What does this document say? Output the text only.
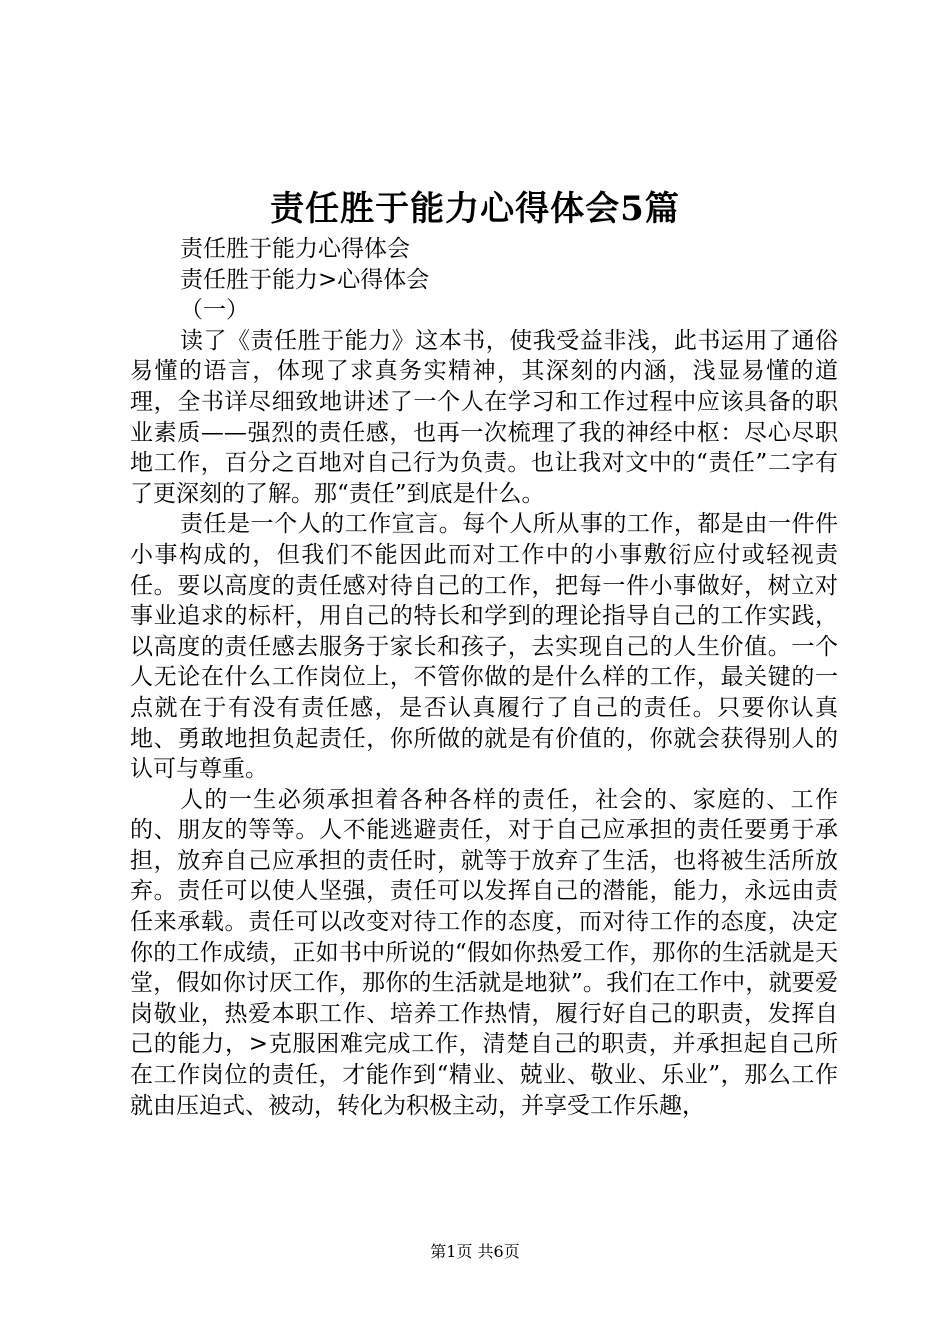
责任胜于能力心得体会5篇
责任胜于能力心得体会
责任胜于能力>心得体会
（一）

读了《责任胜于能力》这本书，使我受益非浅，此书运用了通俗易懂的语言，体现了求真务实精神，其深刻的内涵，浅显易懂的道理，全书详尽细致地讲述了一个人在学习和工作过程中应该具备的职业素质——强烈的责任感，也再一次梳理了我的神经中枢：尽心尽职地工作，百分之百地对自己行为负责。也让我对文中的“责任”二字有了更深刻的了解。那“责任”到底是什么。

责任是一个人的工作宣言。每个人所从事的工作，都是由一件件小事构成的，但我们不能因此而对工作中的小事敷衍应付或轻视责任。要以高度的责任感对待自己的工作，把每一件小事做好，树立对事业追求的标杆，用自己的特长和学到的理论指导自己的工作实践，以高度的责任感去服务于家长和孩子，去实现自己的人生价值。一个人无论在什么工作岗位上，不管你做的是什么样的工作，最关键的一点就在于有没有责任感，是否认真履行了自己的责任。只要你认真地、勇敢地担负起责任，你所做的就是有价值的，你就会获得别人的认可与尊重。

人的一生必须承担着各种各样的责任，社会的、家庭的、工作的、朋友的等等。人不能逃避责任，对于自己应承担的责任要勇于承担，放弃自己应承担的责任时，就等于放弃了生活，也将被生活所放弃。责任可以使人坚强，责任可以发挥自己的潜能，能力，永远由责任来承载。责任可以改变对待工作的态度，而对待工作的态度，决定你的工作成绩，正如书中所说的“假如你热爱工作，那你的生活就是天堂，假如你讨厌工作，那你的生活就是地狱”。我们在工作中，就要爱岗敬业，热爱本职工作、培养工作热情，履行好自己的职责，发挥自己的能力，>克服困难完成工作，清楚自己的职责，并承担起自己所在工作岗位的责任，才能作到“精业、兢业、敬业、乐业”，那么工作就由压迫式、被动，转化为积极主动，并享受工作乐趣，

第1页 共6页
